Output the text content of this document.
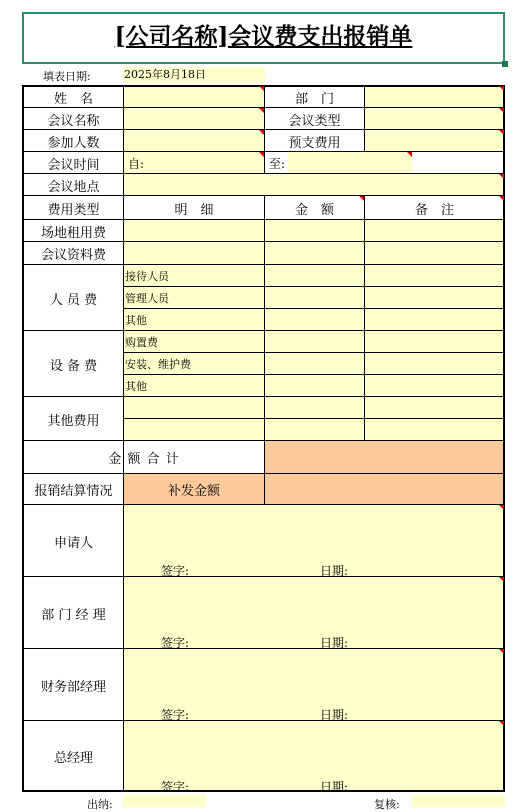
[公司名称]会议费支出报销单
填表日期:	2025年8月18日
姓　名	部　门
会议名称	会议类型
参加人数	预支费用
会议时间	自:	至:
会议地点
费用类型	明　细	金　额	备　注
场地租用费
会议资料费
人 员 费
接待人员
管理人员
其他
设 备 费
购置费
安装、维护费
其他
其他费用
金 额 合 计
报销结算情况	补发金额
申请人
签字:	日期:
部 门 经 理
签字:	日期:
财务部经理
签字:	日期:
总经理
签字:	日期:
出纳:	复核:
